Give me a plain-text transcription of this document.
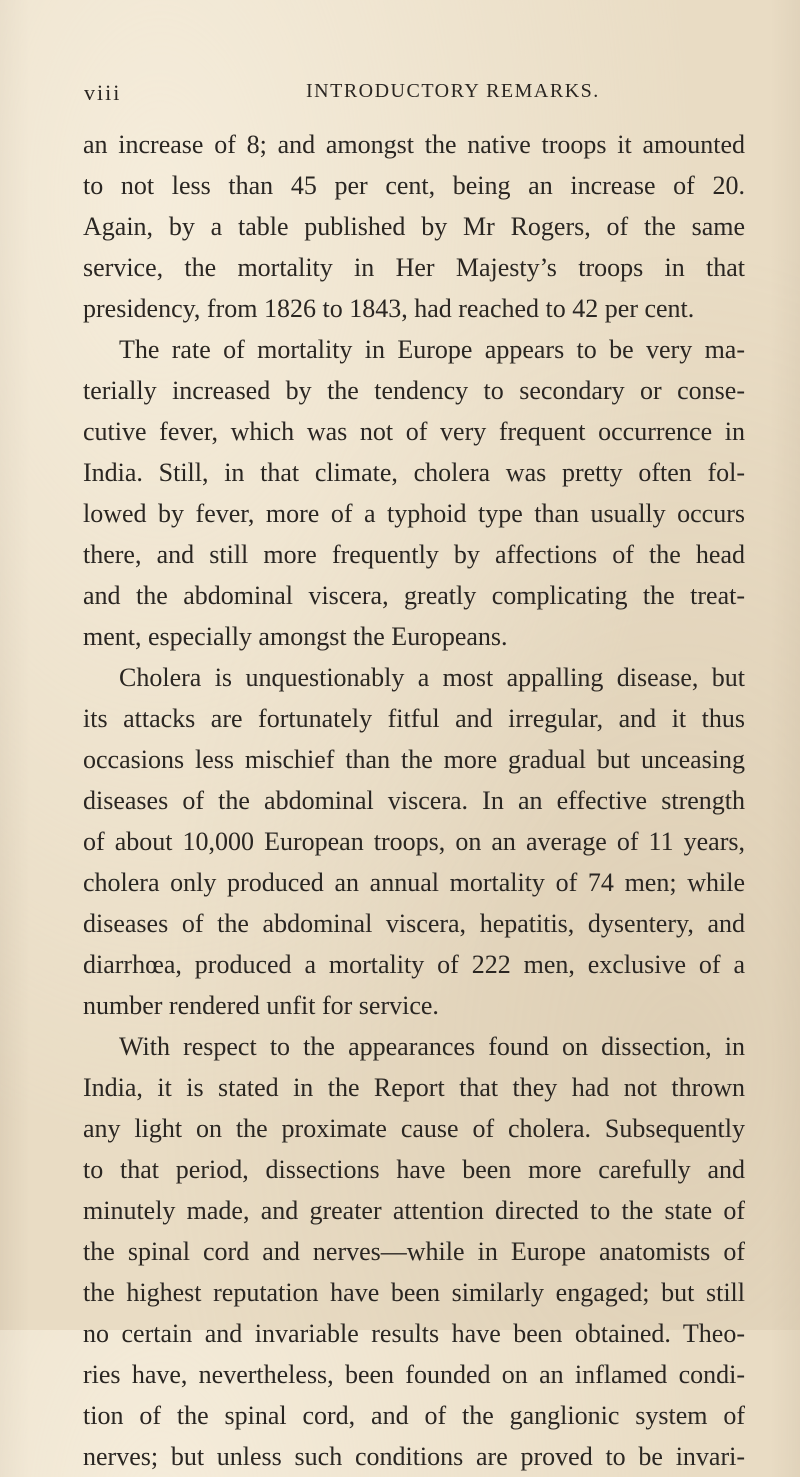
viii	INTRODUCTORY REMARKS.
an increase of 8; and amongst the native troops it amounted
to not less than 45 per cent, being an increase of 20.
Again, by a table published by Mr Rogers, of the same
service, the mortality in Her Majesty’s troops in that
presidency, from 1826 to 1843, had reached to 42 per cent.
The rate of mortality in Europe appears to be very ma-
terially increased by the tendency to secondary or conse-
cutive fever, which was not of very frequent occurrence in
India. Still, in that climate, cholera was pretty often fol-
lowed by fever, more of a typhoid type than usually occurs
there, and still more frequently by affections of the head
and the abdominal viscera, greatly complicating the treat-
ment, especially amongst the Europeans.
Cholera is unquestionably a most appalling disease, but
its attacks are fortunately fitful and irregular, and it thus
occasions less mischief than the more gradual but unceasing
diseases of the abdominal viscera. In an effective strength
of about 10,000 European troops, on an average of 11 years,
cholera only produced an annual mortality of 74 men; while
diseases of the abdominal viscera, hepatitis, dysentery, and
diarrhœa, produced a mortality of 222 men, exclusive of a
number rendered unfit for service.
With respect to the appearances found on dissection, in
India, it is stated in the Report that they had not thrown
any light on the proximate cause of cholera. Subsequently
to that period, dissections have been more carefully and
minutely made, and greater attention directed to the state of
the spinal cord and nerves—while in Europe anatomists of
the highest reputation have been similarly engaged; but still
no certain and invariable results have been obtained. Theo-
ries have, nevertheless, been founded on an inflamed condi-
tion of the spinal cord, and of the ganglionic system of
nerves; but unless such conditions are proved to be invari-
